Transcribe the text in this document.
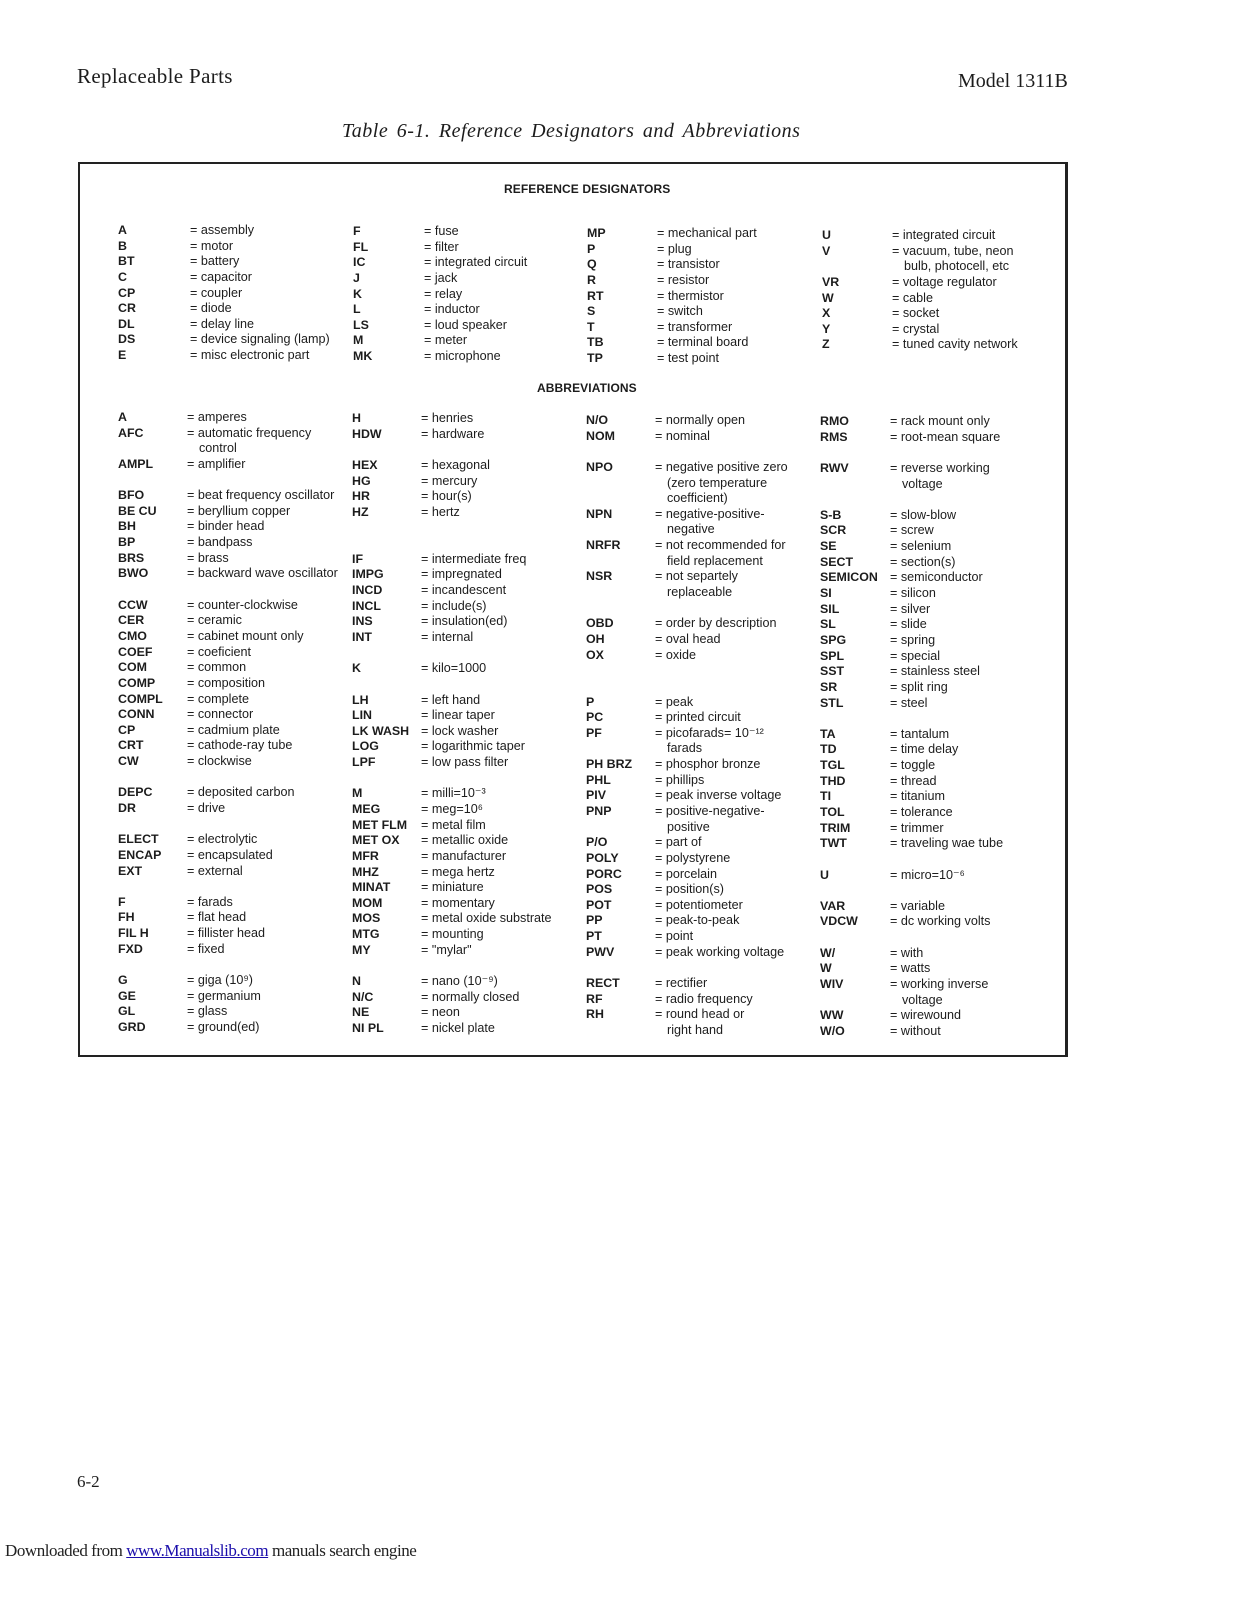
Replaceable Parts	Model 1311B
Table 6-1. Reference Designators and Abbreviations
REFERENCE DESIGNATORS
A	= assembly
B	= motor
BT	= battery
C	= capacitor
CP	= coupler
CR	= diode
DL	= delay line
DS	= device signaling (lamp)
E	= misc electronic part
F	= fuse
FL	= filter
IC	= integrated circuit
J	= jack
K	= relay
L	= inductor
LS	= loud speaker
M	= meter
MK	= microphone
MP	= mechanical part
P	= plug
Q	= transistor
R	= resistor
RT	= thermistor
S	= switch
T	= transformer
TB	= terminal board
TP	= test point
U	= integrated circuit
V	= vacuum, tube, neon
bulb, photocell, etc
VR	= voltage regulator
W	= cable
X	= socket
Y	= crystal
Z	= tuned cavity network
ABBREVIATIONS
A	= amperes
AFC	= automatic frequency
control
AMPL	= amplifier
BFO	= beat frequency oscillator
BE CU = beryllium copper
BH	= binder head
BP	= bandpass
BRS	= brass
BWO	= backward wave oscillator
CCW	= counter-clockwise
CER	= ceramic
CMO	= cabinet mount only
COEF	= coeficient
COM	= common
COMP	= composition
COMPL = complete
CONN	= connector
CP	= cadmium plate
CRT	= cathode-ray tube
CW	= clockwise
DEPC	= deposited carbon
DR	= drive
ELECT = electrolytic
ENCAP = encapsulated
EXT	= external
F	= farads
FH	= flat head
FIL H	= fillister head
FXD	= fixed
G	= giga (10⁹)
GE	= germanium
GL	= glass
GRD	= ground(ed)
H	= henries
HDW	= hardware
HEX	= hexagonal
HG	= mercury
HR	= hour(s)
HZ	= hertz
IF	= intermediate freq
IMPG	= impregnated
INCD	= incandescent
INCL	= include(s)
INS	= insulation(ed)
INT	= internal
K	= kilo=1000
LH	= left hand
LIN	= linear taper
LK WASH = lock washer
LOG	= logarithmic taper
LPF	= low pass filter
M	= milli=10⁻³
MEG	= meg=10⁶
MET FLM = metal film
MET OX = metallic oxide
MFR	= manufacturer
MHZ	= mega hertz
MINAT = miniature
MOM	= momentary
MOS	= metal oxide substrate
MTG	= mounting
MY	= "mylar"
N	= nano (10⁻⁹)
N/C	= normally closed
NE	= neon
NI PL	= nickel plate
N/O	= normally open
NOM	= nominal
NPO	= negative positive zero
(zero temperature
coefficient)
NPN	= negative-positive-
negative
NRFR	= not recommended for
field replacement
NSR	= not separtely
replaceable
OBD	= order by description
OH	= oval head
OX	= oxide
P	= peak
PC	= printed circuit
PF	= picofarads= 10⁻¹²
farads
PH BRZ = phosphor bronze
PHL	= phillips
PIV	= peak inverse voltage
PNP	= positive-negative-
positive
P/O	= part of
POLY	= polystyrene
PORC	= porcelain
POS	= position(s)
POT	= potentiometer
PP	= peak-to-peak
PT	= point
PWV	= peak working voltage
RECT	= rectifier
RF	= radio frequency
RH	= round head or
right hand
RMO	= rack mount only
RMS	= root-mean square
RWV	= reverse working
voltage
S-B	= slow-blow
SCR	= screw
SE	= selenium
SECT	= section(s)
SEMICON = semiconductor
SI	= silicon
SIL	= silver
SL	= slide
SPG	= spring
SPL	= special
SST	= stainless steel
SR	= split ring
STL	= steel
TA	= tantalum
TD	= time delay
TGL	= toggle
THD	= thread
TI	= titanium
TOL	= tolerance
TRIM	= trimmer
TWT	= traveling wae tube
U	= micro=10⁻⁶
VAR	= variable
VDCW	= dc working volts
W/	= with
W	= watts
WIV	= working inverse
voltage
WW	= wirewound
W/O	= without
6-2
Downloaded from www.Manualslib.com manuals search engine
